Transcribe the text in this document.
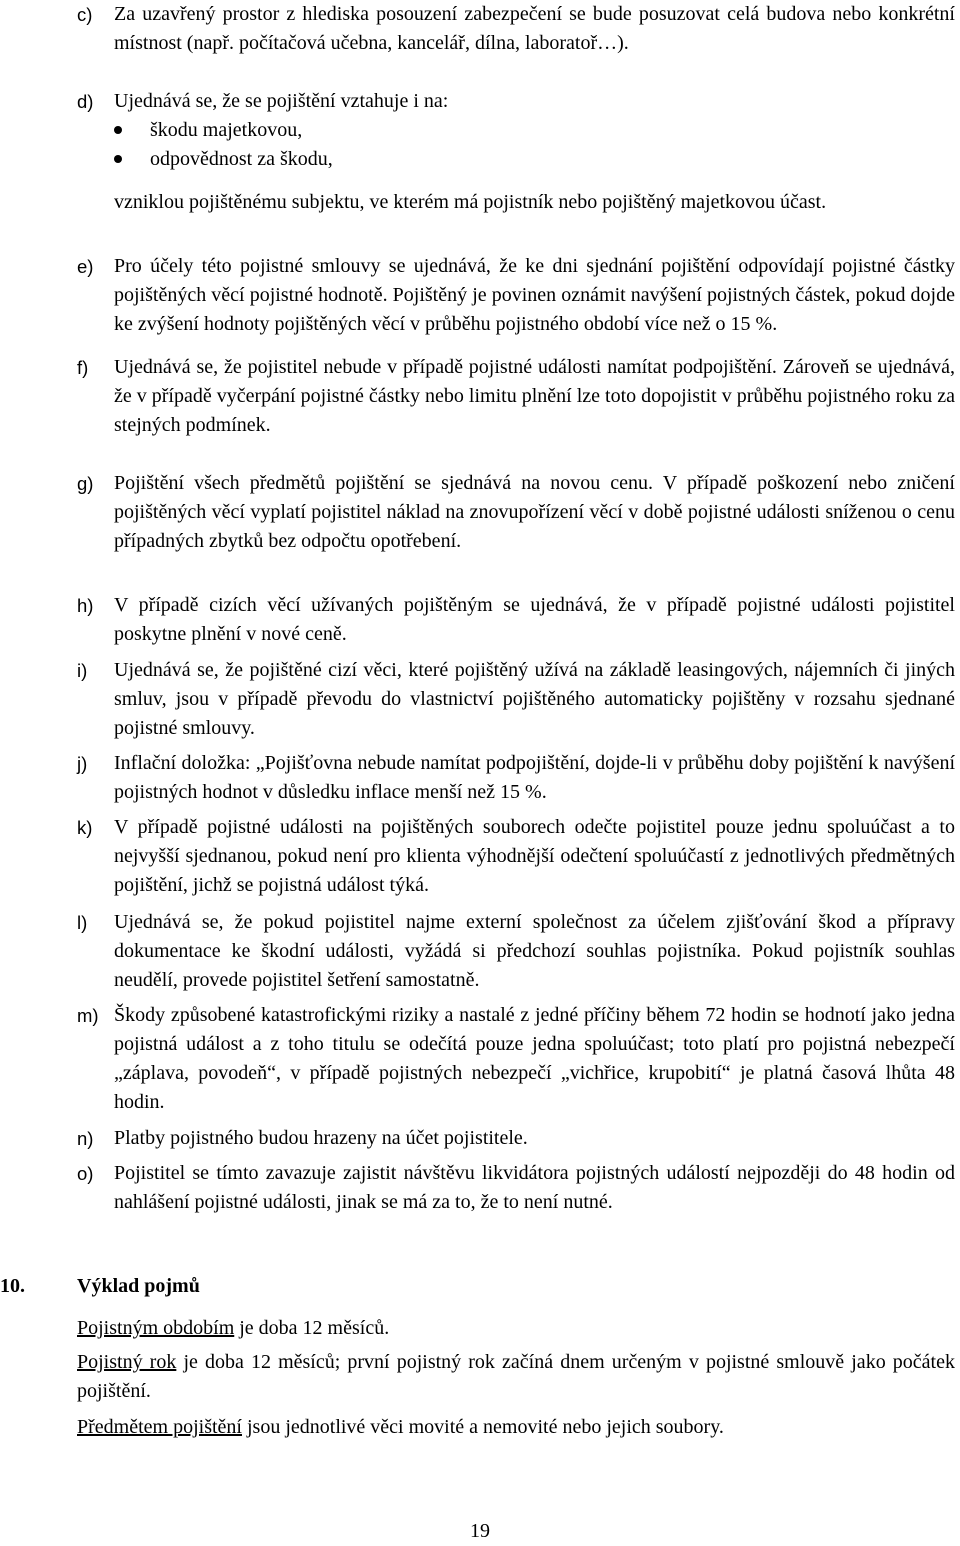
c) Za uzavřený prostor z hlediska posouzení zabezpečení se bude posuzovat celá budova nebo konkrétní místnost (např. počítačová učebna, kancelář, dílna, laboratoř…).
d) Ujednává se, že se pojištění vztahuje i na:
škodu majetkovou,
odpovědnost za škodu,
vzniklou pojištěnému subjektu, ve kterém má pojistník nebo pojištěný majetkovou účast.
e) Pro účely této pojistné smlouvy se ujednává, že ke dni sjednání pojištění odpovídají pojistné částky pojištěných věcí pojistné hodnotě. Pojištěný je povinen oznámit navýšení pojistných částek, pokud dojde ke zvýšení hodnoty pojištěných věcí v průběhu pojistného období více než o 15 %.
f) Ujednává se, že pojistitel nebude v případě pojistné události namítat podpojištění. Zároveň se ujednává, že v případě vyčerpání pojistné částky nebo limitu plnění lze toto dopojistit v průběhu pojistného roku za stejných podmínek.
g) Pojištění všech předmětů pojištění se sjednává na novou cenu. V případě poškození nebo zničení pojištěných věcí vyplatí pojistitel náklad na znovupořízení věcí v době pojistné události sníženou o cenu případných zbytků bez odpočtu opotřebení.
h) V případě cizích věcí užívaných pojištěným se ujednává, že v případě pojistné události pojistitel poskytne plnění v nové ceně.
i) Ujednává se, že pojištěné cizí věci, které pojištěný užívá na základě leasingových, nájemních či jiných smluv, jsou v případě převodu do vlastnictví pojištěného automaticky pojištěny v rozsahu sjednané pojistné smlouvy.
j) Inflační doložka: „Pojišťovna nebude namítat podpojištění, dojde-li v průběhu doby pojištění k navýšení pojistných hodnot v důsledku inflace menší než 15 %.
k) V případě pojistné události na pojištěných souborech odečte pojistitel pouze jednu spoluúčast a to nejvyšší sjednanou, pokud není pro klienta výhodnější odečtení spoluúčastí z jednotlivých předmětných pojištění, jichž se pojistná událost týká.
l) Ujednává se, že pokud pojistitel najme externí společnost za účelem zjišťování škod a přípravy dokumentace ke škodní události, vyžádá si předchozí souhlas pojistníka. Pokud pojistník souhlas neudělí, provede pojistitel šetření samostatně.
m) Škody způsobené katastrofickými riziky a nastalé z jedné příčiny během 72 hodin se hodnotí jako jedna pojistná událost a z toho titulu se odečítá pouze jedna spoluúčast; toto platí pro pojistná nebezpečí „záplava, povodeň“, v případě pojistných nebezpečí „vichřice, krupobití“ je platná časová lhůta 48 hodin.
n) Platby pojistného budou hrazeny na účet pojistitele.
o) Pojistitel se tímto zavazuje zajistit návštěvu likvidátora pojistných událostí nejpozději do 48 hodin od nahlášení pojistné události, jinak se má za to, že to není nutné.
10.	Výklad pojmů

Pojistným obdobím je doba 12 měsíců.

Pojistný rok je doba 12 měsíců; první pojistný rok začíná dnem určeným v pojistné smlouvě jako počátek pojištění.

Předmětem pojištění jsou jednotlivé věci movité a nemovité nebo jejich soubory.

19
